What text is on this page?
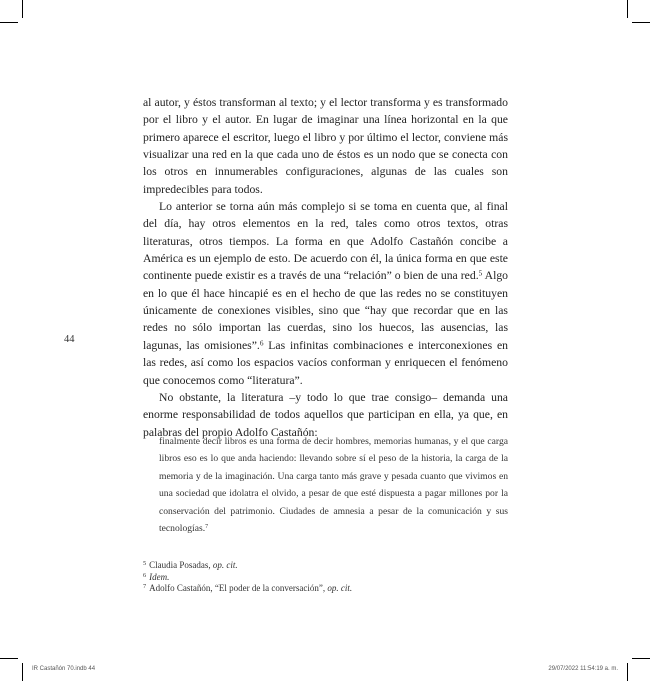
44

al autor, y éstos transforman al texto; y el lector transforma y es transformado por el libro y el autor. En lugar de imaginar una línea horizontal en la que primero aparece el escritor, luego el libro y por último el lector, conviene más visualizar una red en la que cada uno de éstos es un nodo que se conecta con los otros en innumerables configuraciones, algunas de las cuales son impredecibles para todos.

Lo anterior se torna aún más complejo si se toma en cuenta que, al final del día, hay otros elementos en la red, tales como otros textos, otras literaturas, otros tiempos. La forma en que Adolfo Castañón concibe a América es un ejemplo de esto. De acuerdo con él, la única forma en que este continente puede existir es a través de una “relación” o bien de una red.$^5$ Algo en lo que él hace hincapié es en el hecho de que las redes no se constituyen únicamente de conexiones visibles, sino que “hay que recordar que en las redes no sólo importan las cuerdas, sino los huecos, las ausencias, las lagunas, las omisiones”.$^6$ Las infinitas combinaciones e interconexiones en las redes, así como los espacios vacíos conforman y enriquecen el fenómeno que conocemos como “literatura”.

No obstante, la literatura –y todo lo que trae consigo– demanda una enorme responsabilidad de todos aquellos que participan en ella, ya que, en palabras del propio Adolfo Castañón:

finalmente decir libros es una forma de decir hombres, memorias humanas, y el que carga libros eso es lo que anda haciendo: llevando sobre sí el peso de la historia, la carga de la memoria y de la imaginación. Una carga tanto más grave y pesada cuanto que vivimos en una sociedad que idolatra el olvido, a pesar de que esté dispuesta a pagar millones por la conservación del patrimonio. Ciudades de amnesia a pesar de la comunicación y sus tecnologías.$^7$

$^5$ Claudia Posadas, op. cit.
$^6$ Idem.
$^7$ Adolfo Castañón, “El poder de la conversación”, op. cit.
IR Castañón 70.indb 44	29/07/2022 11:54:19 a. m.
